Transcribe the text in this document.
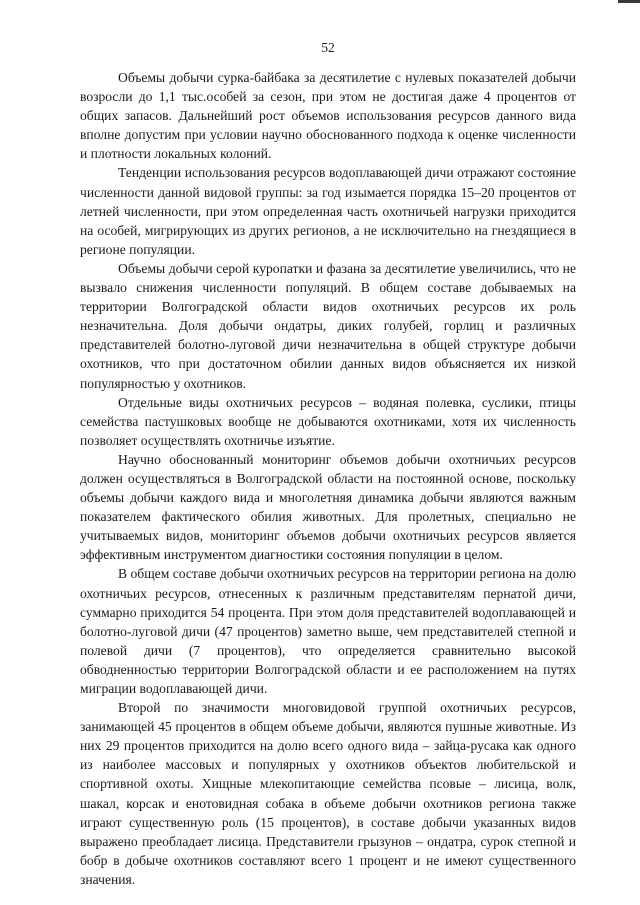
52

Объемы добычи сурка-байбака за десятилетие с нулевых показателей добычи возросли до 1,1 тыс.особей за сезон, при этом не достигая даже 4 процентов от общих запасов. Дальнейший рост объемов использования ресурсов данного вида вполне допустим при условии научно обоснованного подхода к оценке численности и плотности локальных колоний.

Тенденции использования ресурсов водоплавающей дичи отражают состояние численности данной видовой группы: за год изымается порядка 15–20 процентов от летней численности, при этом определенная часть охотничьей нагрузки приходится на особей, мигрирующих из других регионов, а не исключительно на гнездящиеся в регионе популяции.

Объемы добычи серой куропатки и фазана за десятилетие увеличились, что не вызвало снижения численности популяций. В общем составе добываемых на территории Волгоградской области видов охотничьих ресурсов их роль незначительна. Доля добычи ондатры, диких голубей, горлиц и различных представителей болотно-луговой дичи незначительна в общей структуре добычи охотников, что при достаточном обилии данных видов объясняется их низкой популярностью у охотников.

Отдельные виды охотничьих ресурсов – водяная полевка, суслики, птицы семейства пастушковых вообще не добываются охотниками, хотя их численность позволяет осуществлять охотничье изъятие.

Научно обоснованный мониторинг объемов добычи охотничьих ресурсов должен осуществляться в Волгоградской области на постоянной основе, поскольку объемы добычи каждого вида и многолетняя динамика добычи являются важным показателем фактического обилия животных. Для пролетных, специально не учитываемых видов, мониторинг объемов добычи охотничьих ресурсов является эффективным инструментом диагностики состояния популяции в целом.

В общем составе добычи охотничьих ресурсов на территории региона на долю охотничьих ресурсов, отнесенных к различным представителям пернатой дичи, суммарно приходится 54 процента. При этом доля представителей водоплавающей и болотно-луговой дичи (47 процентов) заметно выше, чем представителей степной и полевой дичи (7 процентов), что определяется сравнительно высокой обводненностью территории Волгоградской области и ее расположением на путях миграции водоплавающей дичи.

Второй по значимости многовидовой группой охотничьих ресурсов, занимающей 45 процентов в общем объеме добычи, являются пушные животные. Из них 29 процентов приходится на долю всего одного вида – зайца-русака как одного из наиболее массовых и популярных у охотников объектов любительской и спортивной охоты. Хищные млекопитающие семейства псовые – лисица, волк, шакал, корсак и енотовидная собака в объеме добычи охотников региона также играют существенную роль (15 процентов), в составе добычи указанных видов выражено преобладает лисица. Представители грызунов – ондатра, сурок степной и бобр в добыче охотников составляют всего 1 процент и не имеют существенного значения.
